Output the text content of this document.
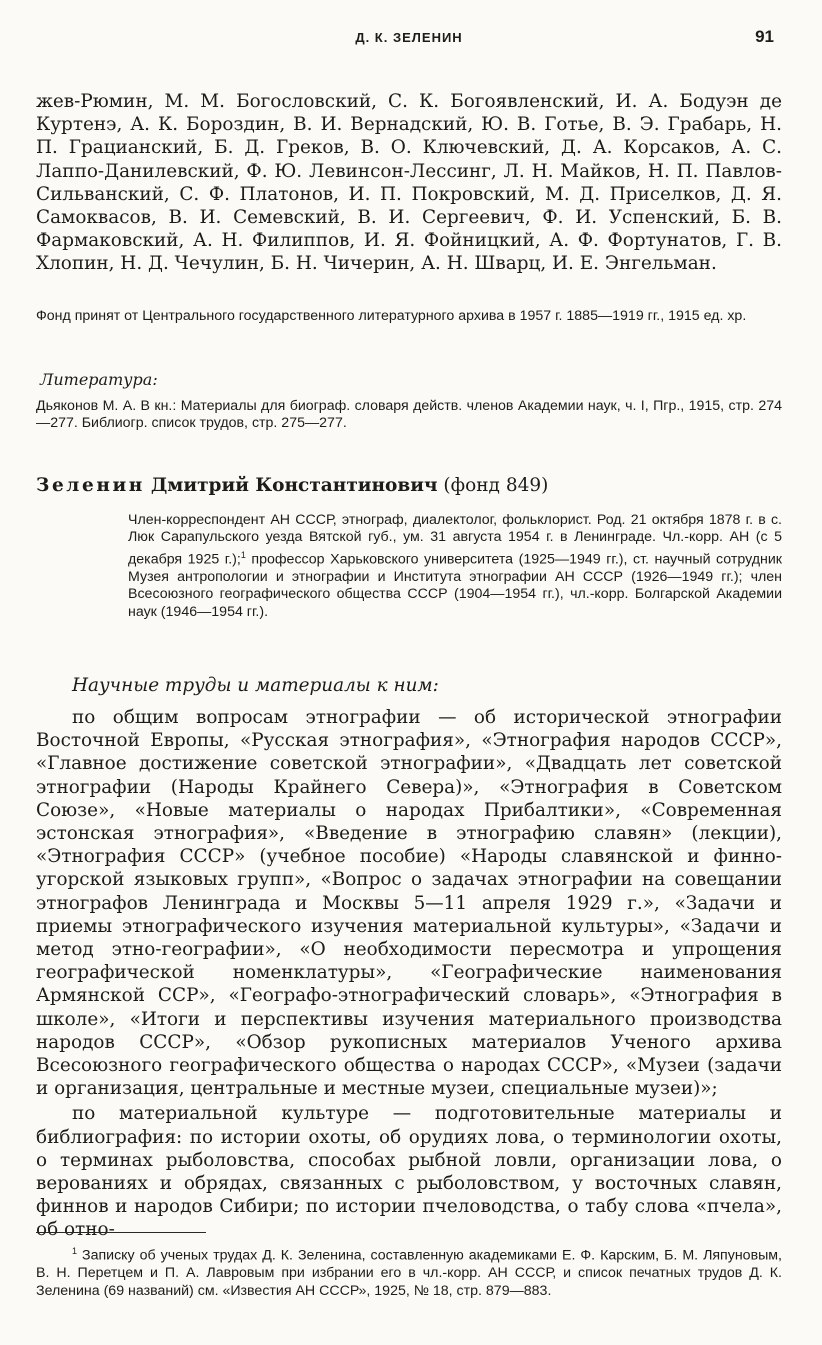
Д. К. ЗЕЛЕНИН	91

жев-Рюмин, М. М. Богословский, С. К. Богоявленский, И. А. Бодуэн де Куртенэ, А. К. Бороздин, В. И. Вернадский, Ю. В. Готье, В. Э. Грабарь, Н. П. Грацианский, Б. Д. Греков, В. О. Ключевский, Д. А. Корсаков, А. С. Лаппо-Данилевский, Ф. Ю. Левинсон-Лессинг, Л. Н. Майков, Н. П. Павлов-Сильванский, С. Ф. Платонов, И. П. Покровский, М. Д. Приселков, Д. Я. Самоквасов, В. И. Семевский, В. И. Сергеевич, Ф. И. Успенский, Б. В. Фармаковский, А. Н. Филиппов, И. Я. Фойницкий, А. Ф. Фортунатов, Г. В. Хлопин, Н. Д. Чечулин, Б. Н. Чичерин, А. Н. Шварц, И. Е. Энгельман.

Фонд принят от Центрального государственного литературного архива в 1957 г. 1885—1919 гг., 1915 ед. хр.

Литература:

Дьяконов М. А. В кн.: Материалы для биограф. словаря действ. членов Академии наук, ч. I, Пгр., 1915, стр. 274—277. Библиогр. список трудов, стр. 275—277.

Зеленин Дмитрий Константинович (фонд 849)

Член-корреспондент АН СССР, этнограф, диалектолог, фольклорист. Род. 21 октября 1878 г. в с. Люк Сарапульского уезда Вятской губ., ум. 31 августа 1954 г. в Ленинграде. Чл.-корр. АН (с 5 декабря 1925 г.);$^1$ профессор Харьковского университета (1925—1949 гг.), ст. научный сотрудник Музея антропологии и этнографии и Института этнографии АН СССР (1926—1949 гг.); член Всесоюзного географического общества СССР (1904—1954 гг.), чл.-корр. Болгарской Академии наук (1946—1954 гг.).

Научные труды и материалы к ним:

по общим вопросам этнографии — об исторической этнографии Восточной Европы, «Русская этнография», «Этнография народов СССР», «Главное достижение советской этнографии», «Двадцать лет советской этнографии (Народы Крайнего Севера)», «Этнография в Советском Союзе», «Новые материалы о народах Прибалтики», «Современная эстонская этнография», «Введение в этнографию славян» (лекции), «Этнография СССР» (учебное пособие) «Народы славянской и финно-угорской языковых групп», «Вопрос о задачах этнографии на совещании этнографов Ленинграда и Москвы 5—11 апреля 1929 г.», «Задачи и приемы этнографического изучения материальной культуры», «Задачи и метод этно-географии», «О необходимости пересмотра и упрощения географической номенклатуры», «Географические наименования Армянской ССР», «Географо-этнографический словарь», «Этнография в школе», «Итоги и перспективы изучения материального производства народов СССР», «Обзор рукописных материалов Ученого архива Всесоюзного географического общества о народах СССР», «Музеи (задачи и организация, центральные и местные музеи, специальные музеи)»;

по материальной культуре — подготовительные материалы и библиография: по истории охоты, об орудиях лова, о терминологии охоты, о терминах рыболовства, способах рыбной ловли, организации лова, о верованиях и обрядах, связанных с рыболовством, у восточных славян, финнов и народов Сибири; по истории пчеловодства, о табу слова «пчела», об отно-

$^1$ Записку об ученых трудах Д. К. Зеленина, составленную академиками Е. Ф. Карским, Б. М. Ляпуновым, В. Н. Перетцем и П. А. Лавровым при избрании его в чл.-корр. АН СССР, и список печатных трудов Д. К. Зеленина (69 названий) см. «Известия АН СССР», 1925, № 18, стр. 879—883.
